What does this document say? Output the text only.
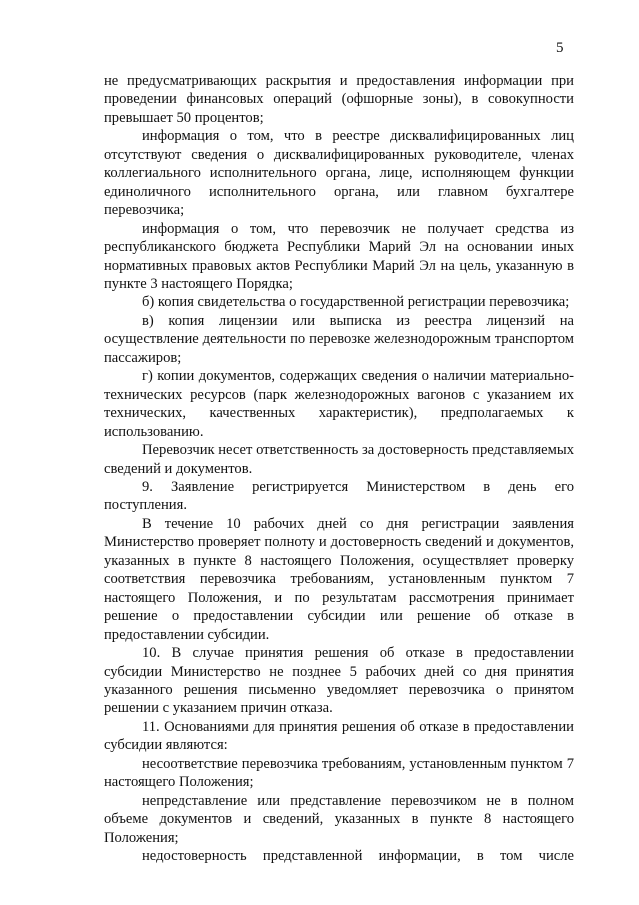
5

не предусматривающих раскрытия и предоставления информации при проведении финансовых операций (офшорные зоны), в совокупности превышает 50 процентов;

информация о том, что в реестре дисквалифицированных лиц отсутствуют сведения о дисквалифицированных руководителе, членах коллегиального исполнительного органа, лице, исполняющем функции единоличного исполнительного органа, или главном бухгалтере перевозчика;

информация о том, что перевозчик не получает средства из республиканского бюджета Республики Марий Эл на основании иных нормативных правовых актов Республики Марий Эл на цель, указанную в пункте 3 настоящего Порядка;

б) копия свидетельства о государственной регистрации перевозчика;

в) копия лицензии или выписка из реестра лицензий на осуществление деятельности по перевозке железнодорожным транспортом пассажиров;

г) копии документов, содержащих сведения о наличии материально-технических ресурсов (парк железнодорожных вагонов с указанием их технических, качественных характеристик), предполагаемых к использованию.

Перевозчик несет ответственность за достоверность представляемых сведений и документов.

9. Заявление регистрируется Министерством в день его поступления.

В течение 10 рабочих дней со дня регистрации заявления Министерство проверяет полноту и достоверность сведений и документов, указанных в пункте 8 настоящего Положения, осуществляет проверку соответствия перевозчика требованиям, установленным пунктом 7 настоящего Положения, и по результатам рассмотрения принимает решение о предоставлении субсидии или решение об отказе в предоставлении субсидии.

10. В случае принятия решения об отказе в предоставлении субсидии Министерство не позднее 5 рабочих дней со дня принятия указанного решения письменно уведомляет перевозчика о принятом решении с указанием причин отказа.

11. Основаниями для принятия решения об отказе в предоставлении субсидии являются:

несоответствие перевозчика требованиям, установленным пунктом 7 настоящего Положения;

непредставление или представление перевозчиком не в полном объеме документов и сведений, указанных в пункте 8 настоящего Положения;

недостоверность представленной информации, в том числе
